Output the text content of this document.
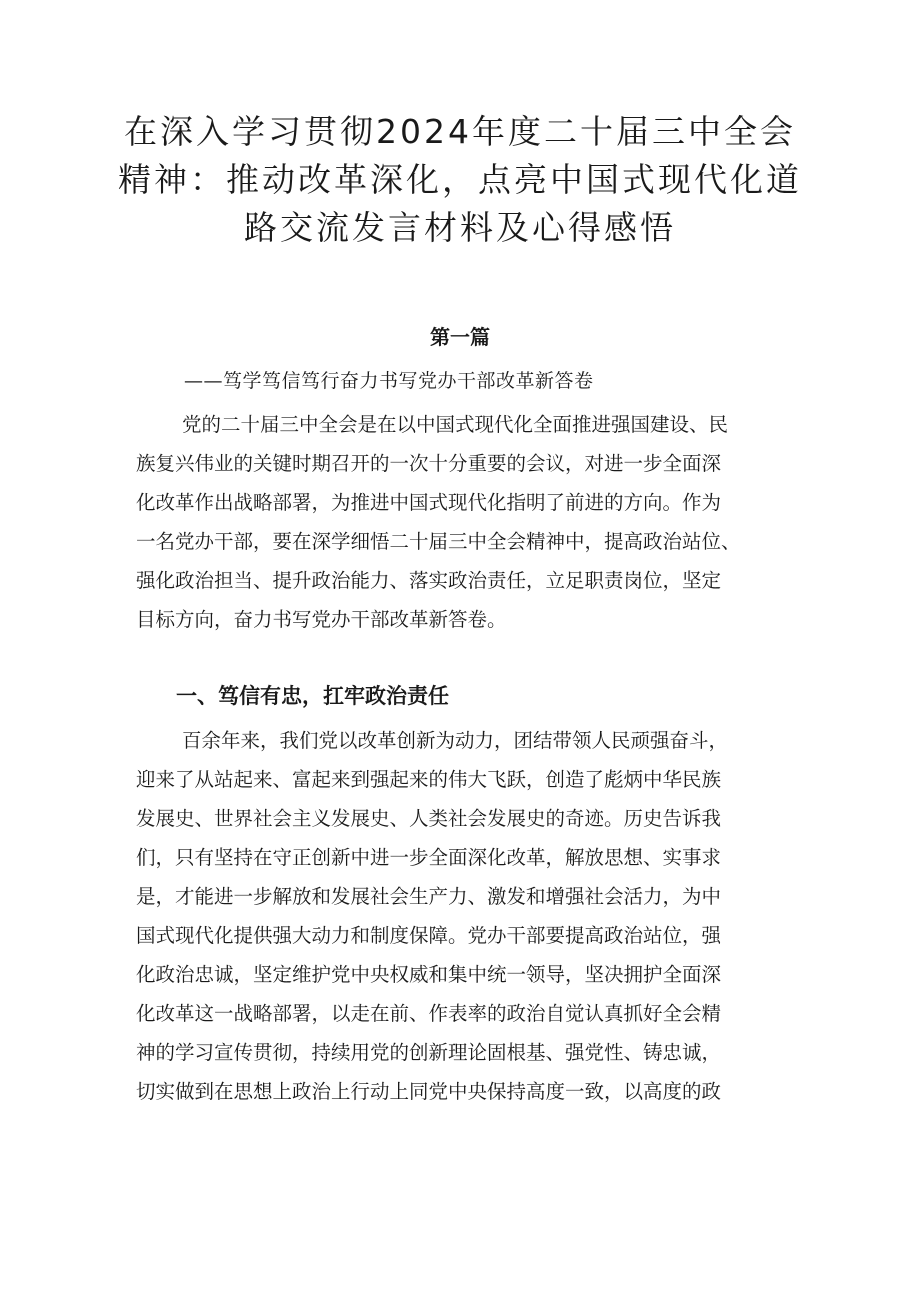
在深入学习贯彻2024年度二十届三中全会
精神：推动改革深化，点亮中国式现代化道
路交流发言材料及心得感悟
第一篇
——笃学笃信笃行奋力书写党办干部改革新答卷
党的二十届三中全会是在以中国式现代化全面推进强国建设、民
族复兴伟业的关键时期召开的一次十分重要的会议，对进一步全面深
化改革作出战略部署，为推进中国式现代化指明了前进的方向。作为
一名党办干部，要在深学细悟二十届三中全会精神中，提高政治站位、
强化政治担当、提升政治能力、落实政治责任，立足职责岗位，坚定
目标方向，奋力书写党办干部改革新答卷。
一、笃信有忠，扛牢政治责任
百余年来，我们党以改革创新为动力，团结带领人民顽强奋斗，
迎来了从站起来、富起来到强起来的伟大飞跃，创造了彪炳中华民族
发展史、世界社会主义发展史、人类社会发展史的奇迹。历史告诉我
们，只有坚持在守正创新中进一步全面深化改革，解放思想、实事求
是，才能进一步解放和发展社会生产力、激发和增强社会活力，为中
国式现代化提供强大动力和制度保障。党办干部要提高政治站位，强
化政治忠诚，坚定维护党中央权威和集中统一领导，坚决拥护全面深
化改革这一战略部署，以走在前、作表率的政治自觉认真抓好全会精
神的学习宣传贯彻，持续用党的创新理论固根基、强党性、铸忠诚，
切实做到在思想上政治上行动上同党中央保持高度一致，以高度的政
